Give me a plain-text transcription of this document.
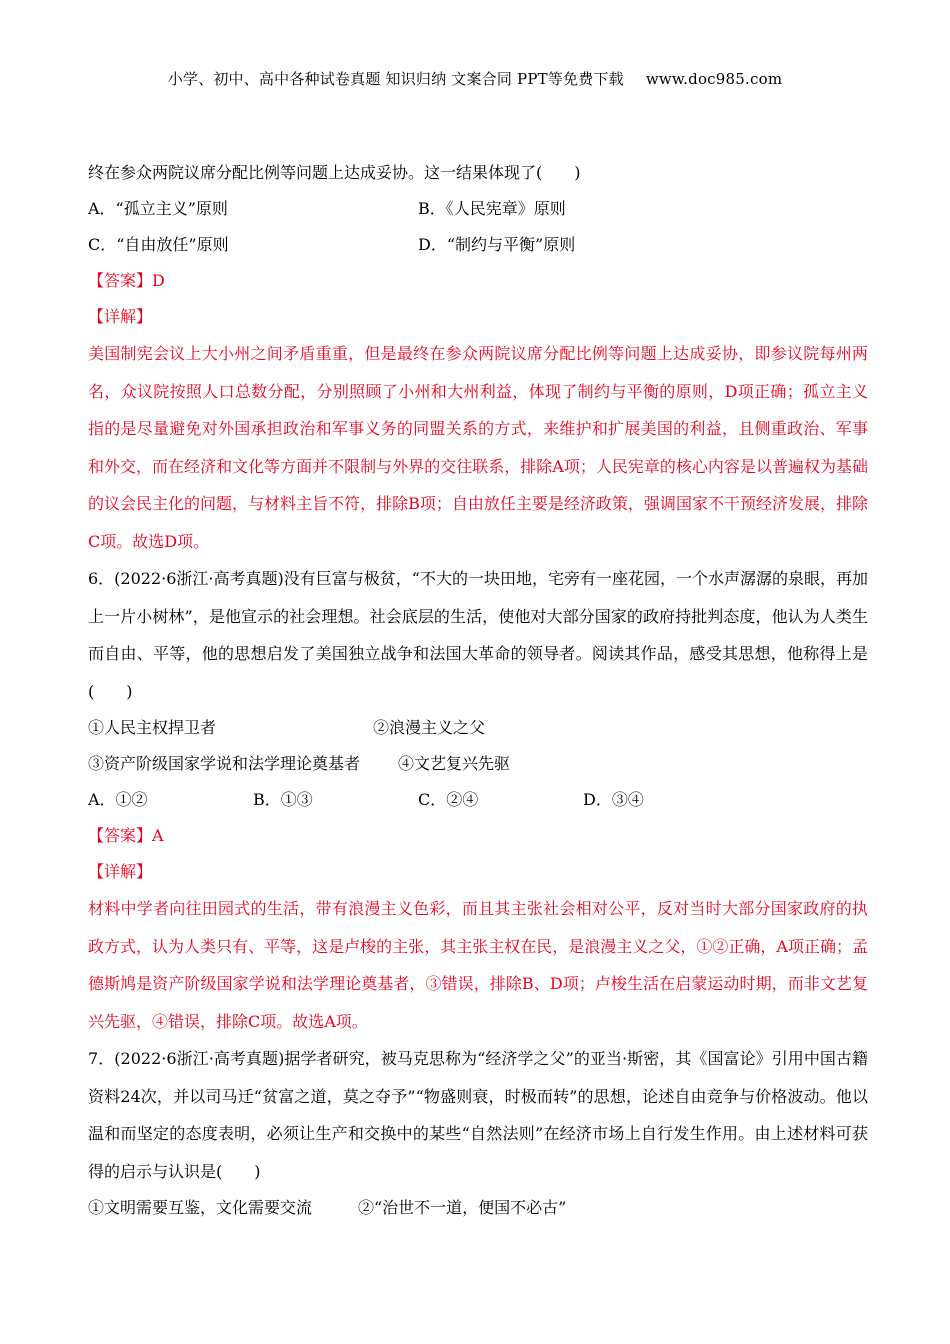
小学、初中、高中各种试卷真题 知识归纳 文案合同 PPT等免费下载 www.doc985.com
终在参众两院议席分配比例等问题上达成妥协。这一结果体现了(　　)
A．“孤立主义”原则	B．《人民宪章》原则
C．“自由放任”原则	D．“制约与平衡”原则
【答案】D
【详解】
美国制宪会议上大小州之间矛盾重重，但是最终在参众两院议席分配比例等问题上达成妥协，即参议院每州两名，众议院按照人口总数分配，分别照顾了小州和大州利益，体现了制约与平衡的原则，D项正确；孤立主义指的是尽量避免对外国承担政治和军事义务的同盟关系的方式，来维护和扩展美国的利益，且侧重政治、军事和外交，而在经济和文化等方面并不限制与外界的交往联系，排除A项；人民宪章的核心内容是以普遍权为基础的议会民主化的问题，与材料主旨不符，排除B项；自由放任主要是经济政策，强调国家不干预经济发展，排除C项。故选D项。
6．(2022·6浙江·高考真题)没有巨富与极贫，“不大的一块田地，宅旁有一座花园，一个水声潺潺的泉眼，再加上一片小树林”，是他宣示的社会理想。社会底层的生活，使他对大部分国家的政府持批判态度，他认为人类生而自由、平等，他的思想启发了美国独立战争和法国大革命的领导者。阅读其作品，感受其思想，他称得上是(　　)
①人民主权捍卫者	②浪漫主义之父
③资产阶级国家学说和法学理论奠基者	④文艺复兴先驱
A．①②	B．①③	C．②④	D．③④
【答案】A
【详解】
材料中学者向往田园式的生活，带有浪漫主义色彩，而且其主张社会相对公平，反对当时大部分国家政府的执政方式，认为人类只有、平等，这是卢梭的主张，其主张主权在民，是浪漫主义之父，①②正确，A项正确；孟德斯鸠是资产阶级国家学说和法学理论奠基者，③错误，排除B、D项；卢梭生活在启蒙运动时期，而非文艺复兴先驱，④错误，排除C项。故选A项。
7．(2022·6浙江·高考真题)据学者研究，被马克思称为“经济学之父”的亚当·斯密，其《国富论》引用中国古籍资料24次，并以司马迁“贫富之道，莫之夺予”“物盛则衰，时极而转”的思想，论述自由竞争与价格波动。他以温和而坚定的态度表明，必须让生产和交换中的某些“自然法则”在经济市场上自行发生作用。由上述材料可获得的启示与认识是(　　)
①文明需要互鉴，文化需要交流	②“治世不一道，便国不必古”
